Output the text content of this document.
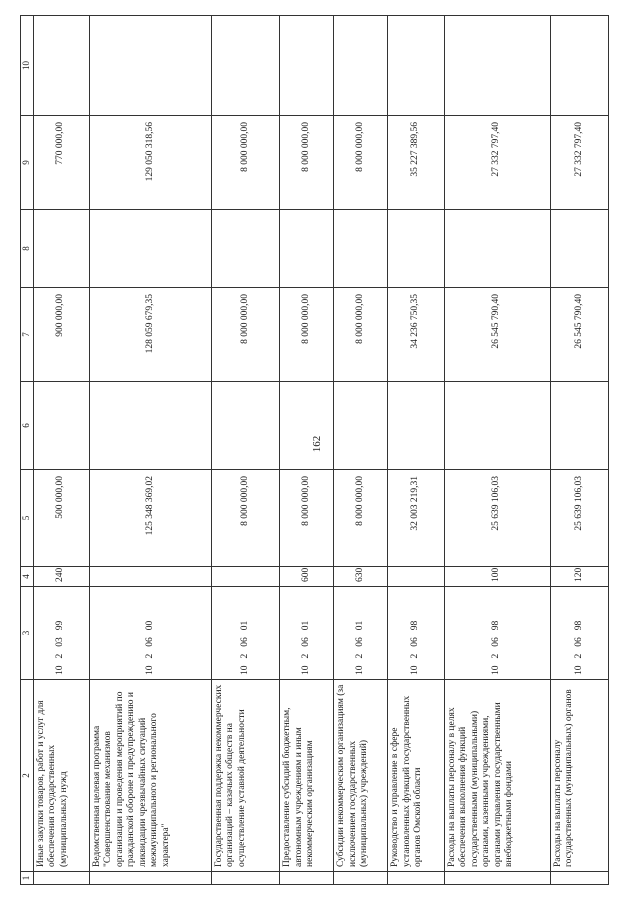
162
1	2	3	4	5	6	7	8	9	10
	Иные закупки товаров, работ и услуг для обеспечения государственных (муниципальных) нужд	1020399	240	500 000,00		900 000,00		770 000,00	
	Ведомственная целевая программа "Совершенствование механизмов организации и проведения мероприятий по гражданской обороне и предупреждению и ликвидации чрезвычайных ситуаций межмуниципального и регионального характера"	1020600		125 348 369,02		128 059 679,35		129 050 318,56	
	Государственная поддержка некоммерческих организаций – казачьих обществ на осуществление уставной деятельности	1020601		8 000 000,00		8 000 000,00		8 000 000,00	
	Предоставление субсидий бюджетным, автономным учреждениям и иным некоммерческим организациям	1020601	600	8 000 000,00		8 000 000,00		8 000 000,00	
	Субсидии некоммерческим организациям (за исключением государственных (муниципальных) учреждений)	1020601	630	8 000 000,00		8 000 000,00		8 000 000,00	
	Руководство и управление в сфере установленных функций государственных органов Омской области	1020698		32 003 219,31		34 236 750,35		35 227 389,56	
	Расходы на выплаты персоналу в целях обеспечения выполнения функций государственными (муниципальными) органами, казенными учреждениями, органами управления государственными внебюджетными фондами	1020698	100	25 639 106,03		26 545 790,40		27 332 797,40	
	Расходы на выплаты персоналу государственных (муниципальных) органов	1020698	120	25 639 106,03		26 545 790,40		27 332 797,40	
